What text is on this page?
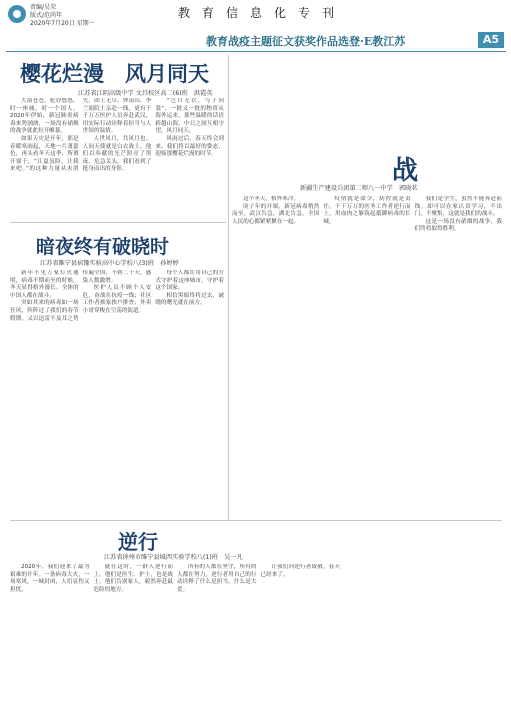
责编/吴荣
版式/范尚年
2020年7月20日 星期一
教育信息化专刊
教育战疫主题征文获奖作品选登·E教江苏	A5
樱花烂漫　风月同天
江苏省江阴高级中学 文昌校区高二(6)班　洪霞英

大漠苍苍，驼铃悠悠，时一座城，时一个国人。2020年伊始，新冠肺炎病毒来势汹汹，一场没有硝烟的战争就此拉开帷幕。

如果天灾是开年，那是春暖寒雨起，天地一片萧瑟色，再头看冬天这季，所谓开窗于，“江夏虽险，让我来吧。”的这种力量从未消失，固土无尽，钟南山，李兰娟院士亲赴一线，更有千千万万医护人员奔赴武汉，用实际行动诠释着担当与人世间的温情。

人世风月，共风月也。人间天使就是白衣战士，他们以奉献的光芒照亮了黑夜，危急关头，我们看到了挺身而出的身影。

“岂曰无衣，与子同裳”，一批又一批的物资从海外运来，那些温暖的话语跨越山海，中日之间互相守望，风月同天。

风雨过后，春天终会到来。我们将以最好的姿态，迎接那樱花烂漫的时节。

暗夜终有破晓时
江苏省睢宁县宿豫实验高中心学校八(3)班　孙婷婷

新年不见万家灯火通明，病毒不期而至的时候，冬天显得格外漫长。全体的中国人都在战斗。

突如其来的病毒如一场狂风，阵阵过了我们的春节假期。又以迅雷不及耳之势传遍全国，不到二十天，感染人数激增。

医护人员不顾个人安危，奋战在抗疫一线；社区工作者挨家挨户排查；外卖小哥穿梭在空荡的街道。

每个人都在用自己的方式守护着这座城市，守护着这个国家。

相信黑暗终将过去，破晓的曙光就在前方。

战
新疆生产建设兵团第二师八一中学　郭晓茗

这个冬天，格外寒冷。

庚子年的开端，新冠病毒悄然而至。武汉告急，湖北告急，全国人民的心都紧紧揪在一起。

疫情就是命令，防控就是责任。千千万万的医务工作者逆行而上，用血肉之躯筑起抵御病毒的长城。

我们是学生，虽然不能奔赴前线，却可以在家认真学习，不出门，不聚集，这就是我们的战斗。

这是一场没有硝烟的战争，我们终将取得胜利。

逆行
江苏省徐州市睢宁县城西实验学校八(1)班　吴一凡

2020年，我们迎来了最为艰难的开年。一条病毒大火，一场寒风，一城封闭，人们哀伤又担忧。

就在这时，一群人逆行而上，他们是医生、护士，也是战士。他们告别家人，毅然奔赴最危险的地方。

所有的人都在坚守，所有的人都在努力，逆行者用自己的行动诠释了什么是担当，什么是大爱。

让我们向逆行者致敬，春天已经来了。
